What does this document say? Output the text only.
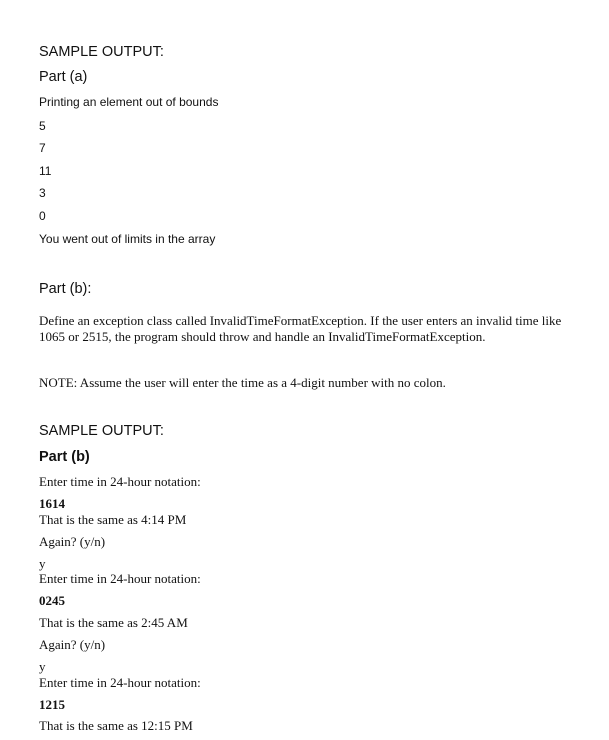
SAMPLE OUTPUT:
Part (a)
Printing an element out of bounds
5
7
11
3
0
You went out of limits in the array
Part (b):

Define an exception class called InvalidTimeFormatException. If the user enters an invalid time like 1065 or 2515, the program should throw and handle an InvalidTimeFormatException.

NOTE: Assume the user will enter the time as a 4-digit number with no colon.
SAMPLE OUTPUT:
Part (b)
Enter time in 24-hour notation:
1614
That is the same as 4:14 PM
Again? (y/n)
y
Enter time in 24-hour notation:
0245
That is the same as 2:45 AM
Again? (y/n)
y
Enter time in 24-hour notation:
1215
That is the same as 12:15 PM
